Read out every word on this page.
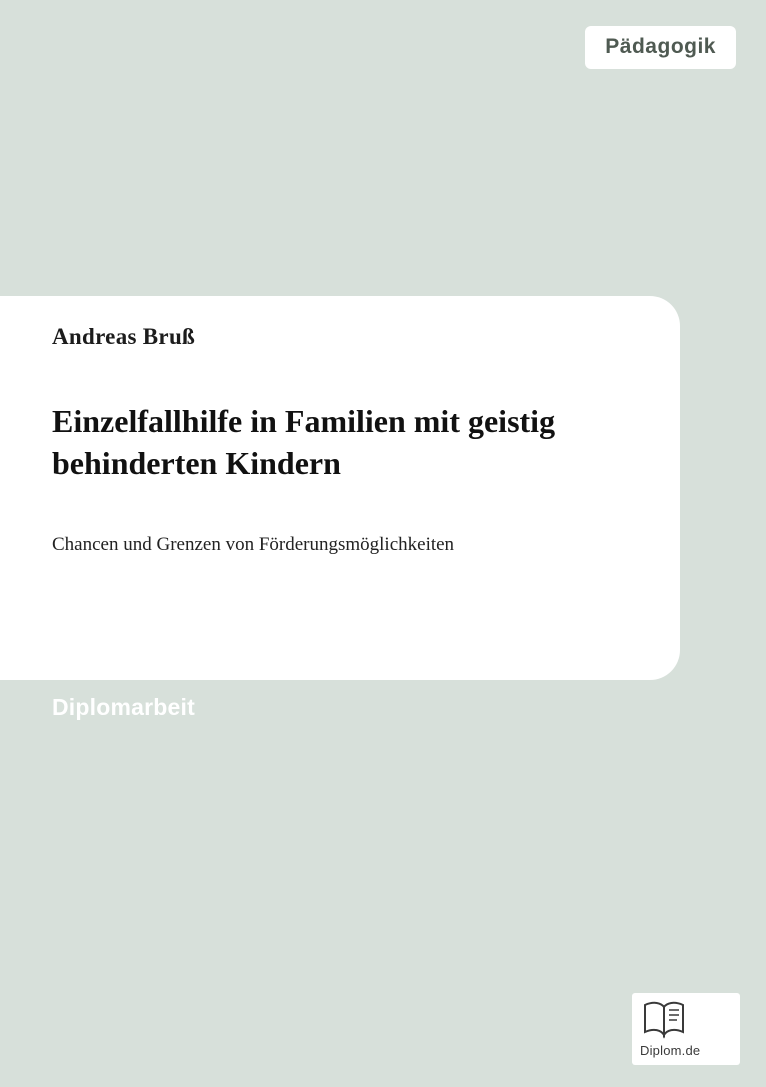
Pädagogik
Andreas Bruß
Einzelfallhilfe in Familien mit geistig behinderten Kindern
Chancen und Grenzen von Förderungsmöglichkeiten
Diplomarbeit
Diplom.de
